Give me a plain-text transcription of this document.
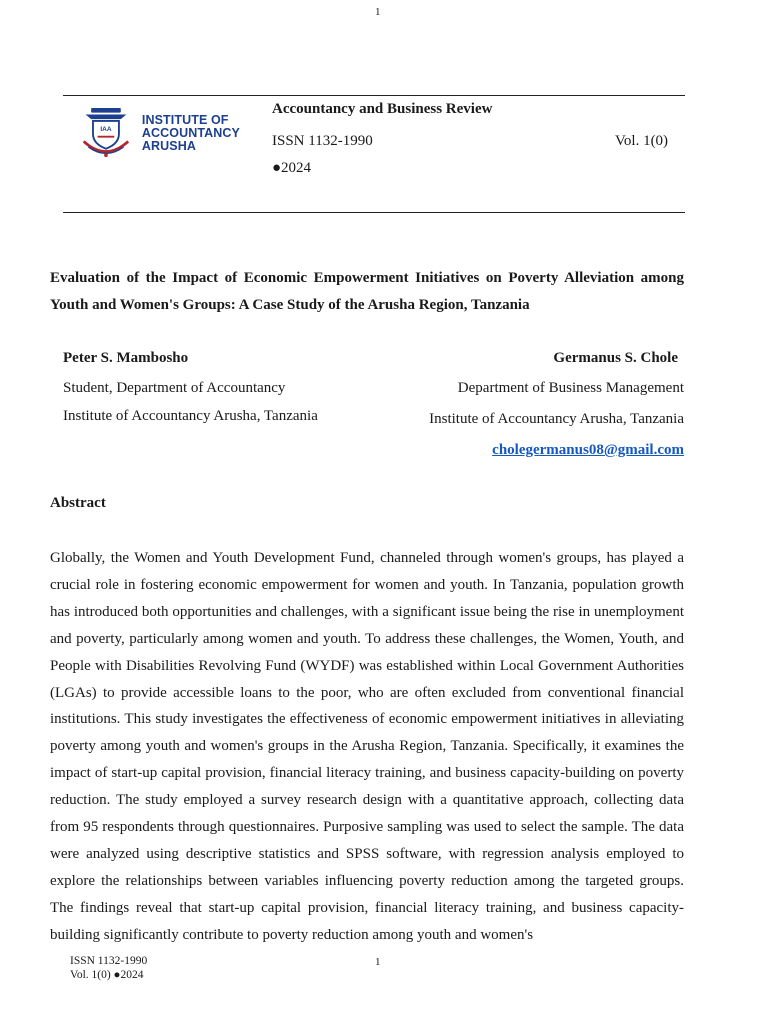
1
IAA
INSTITUTE OF
ACCOUNTANCY
ARUSHA
Accountancy and Business Review
ISSN 1132-1990	Vol. 1(0)
●2024
Evaluation of the Impact of Economic Empowerment Initiatives on Poverty Alleviation among Youth and Women's Groups: A Case Study of the Arusha Region, Tanzania
Peter S. Mambosho
Student, Department of Accountancy
Institute of Accountancy Arusha, Tanzania
Germanus S. Chole
Department of Business Management
Institute of Accountancy Arusha, Tanzania
cholegermanus08@gmail.com
Abstract

Globally, the Women and Youth Development Fund, channeled through women's groups, has played a crucial role in fostering economic empowerment for women and youth. In Tanzania, population growth has introduced both opportunities and challenges, with a significant issue being the rise in unemployment and poverty, particularly among women and youth. To address these challenges, the Women, Youth, and People with Disabilities Revolving Fund (WYDF) was established within Local Government Authorities (LGAs) to provide accessible loans to the poor, who are often excluded from conventional financial institutions. This study investigates the effectiveness of economic empowerment initiatives in alleviating poverty among youth and women's groups in the Arusha Region, Tanzania. Specifically, it examines the impact of start-up capital provision, financial literacy training, and business capacity-building on poverty reduction. The study employed a survey research design with a quantitative approach, collecting data from 95 respondents through questionnaires. Purposive sampling was used to select the sample. The data were analyzed using descriptive statistics and SPSS software, with regression analysis employed to explore the relationships between variables influencing poverty reduction among the targeted groups. The findings reveal that start-up capital provision, financial literacy training, and business capacity-building significantly contribute to poverty reduction among youth and women's

ISSN 1132-1990
Vol. 1(0) ●2024
1
